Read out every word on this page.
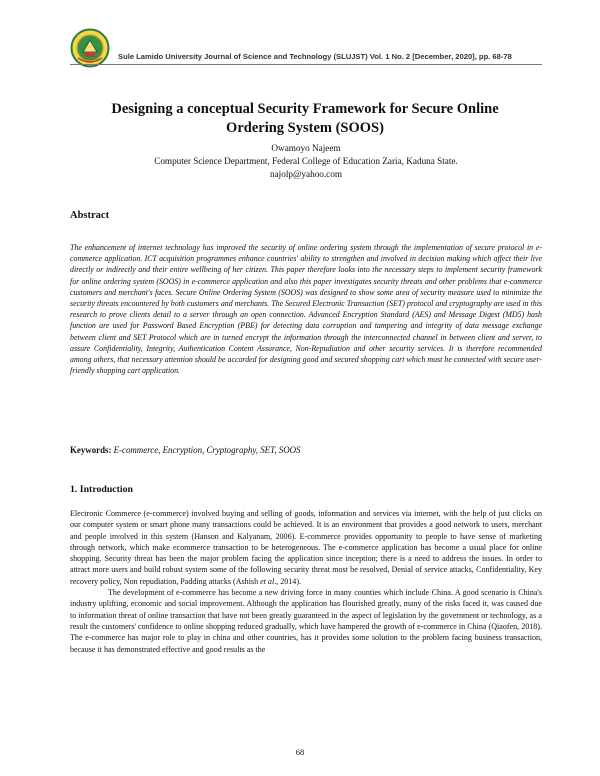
Sule Lamido University Journal of Science and Technology (SLUJST) Vol. 1 No. 2 [December, 2020], pp. 68-78
Designing a conceptual Security Framework for Secure Online
Ordering System (SOOS)
Owamoyo Najeem
Computer Science Department, Federal College of Education Zaria, Kaduna State.
najolp@yahoo.com
Abstract

The enhancement of internet technology has improved the security of online ordering system through the implementation of secure protocol in e-commerce application. ICT acquisition programmes enhance countries' ability to strengthen and involved in decision making which affect their live directly or indirectly and their entire wellbeing of her citizen. This paper therefore looks into the necessary steps to implement security framework for online ordering system (SOOS) in e-commerce application and also this paper investigates security threats and other problems that e-commerce customers and merchant's faces. Secure Online Ordering System (SOOS) was designed to show some area of security measure used to minimize the security threats encountered by both customers and merchants. The Secured Electronic Transaction (SET) protocol and cryptography are used in this research to prove clients detail to a server through an open connection. Advanced Encryption Standard (AES) and Message Digest (MD5) hash function are used for Password Based Encryption (PBE) for detecting data corruption and tampering and integrity of data message exchange between client and SET Protocol which are in turned encrypt the information through the interconnected channel in between client and server, to assure Confidentiality, Integrity, Authentication Content Assurance, Non-Repudiation and other security services. It is therefore recommended among others, that necessary attention should be accorded for designing good and secured shopping cart which must be connected with secure user-friendly shopping cart application.

Keywords: E-commerce, Encryption, Cryptography, SET, SOOS
1. Introduction

Electronic Commerce (e-commerce) involved buying and selling of goods, information and services via internet, with the help of just clicks on our computer system or smart phone many transactions could be achieved. It is an environment that provides a good network to users, merchant and people involved in this system (Hanson and Kalyanam, 2006). E-commerce provides opportunity to people to have sense of marketing through network, which make ecommerce transaction to be heterogeneous. The e-commerce application has become a usual place for online shopping. Security threat has been the major problem facing the application since inception; there is a need to address the issues. In order to attract more users and build robust system some of the following security threat most be resolved, Denial of service attacks, Confidentiality, Key recovery policy, Non repudiation, Padding attacks (Ashish et al., 2014).

The development of e-commerce has become a new driving force in many counties which include China. A good scenario is China's industry uplifting, economic and social improvement. Although the application has flourished greatly, many of the risks faced it, was caused due to information threat of online transaction that have not been greatly guaranteed in the aspect of legislation by the government or technology, as a result the customers' confidence to online shopping reduced gradually, which have hampered the growth of e-commerce in China (Qiaofen, 2018). The e-commerce has major role to play in china and other countries, has it provides some solution to the problem facing business transaction, because it has demonstrated effective and good results as the

68
